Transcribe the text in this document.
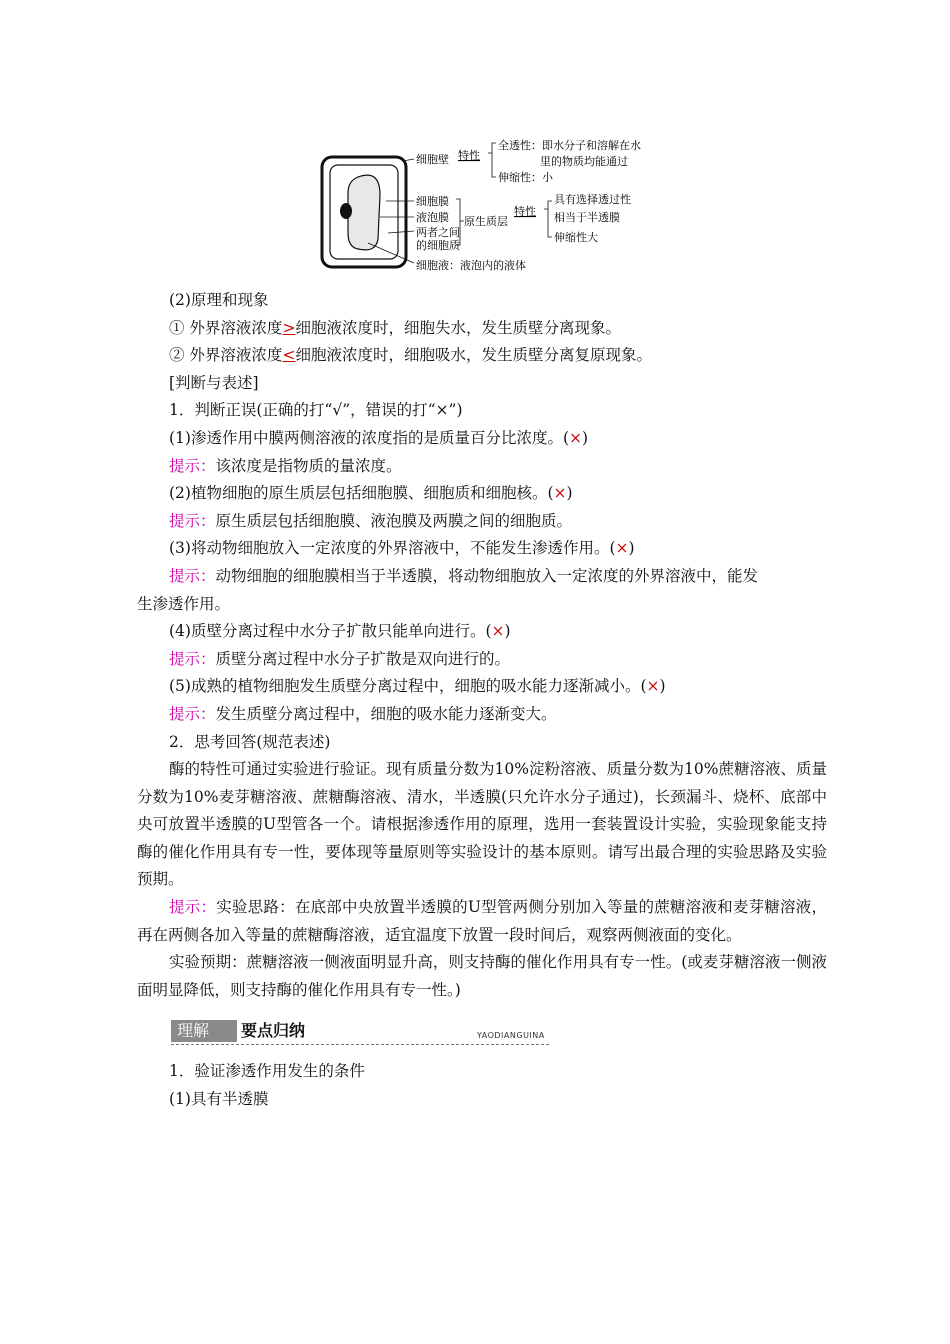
细胞壁 特性
全透性：即水分子和溶解在水
里的物质均能通过
伸缩性：小
细胞膜
液泡膜
两者之间
的细胞质
原生质层
特性
具有选择透过性
相当于半透膜
伸缩性大
细胞液：液泡内的液体
(2)原理和现象
① 外界溶液浓度>细胞液浓度时，细胞失水，发生质壁分离现象。
② 外界溶液浓度<细胞液浓度时，细胞吸水，发生质壁分离复原现象。
[判断与表述]
1．判断正误(正确的打“√”，错误的打“×”)
(1)渗透作用中膜两侧溶液的浓度指的是质量百分比浓度。(×)
提示：该浓度是指物质的量浓度。
(2)植物细胞的原生质层包括细胞膜、细胞质和细胞核。(×)
提示：原生质层包括细胞膜、液泡膜及两膜之间的细胞质。
(3)将动物细胞放入一定浓度的外界溶液中，不能发生渗透作用。(×)
提示：动物细胞的细胞膜相当于半透膜，将动物细胞放入一定浓度的外界溶液中，能发
生渗透作用。
(4)质壁分离过程中水分子扩散只能单向进行。(×)
提示：质壁分离过程中水分子扩散是双向进行的。
(5)成熟的植物细胞发生质壁分离过程中，细胞的吸水能力逐渐减小。(×)
提示：发生质壁分离过程中，细胞的吸水能力逐渐变大。
2．思考回答(规范表述)
酶的特性可通过实验进行验证。现有质量分数为10%淀粉溶液、质量分数为10%蔗糖溶液、质量分数为10%麦芽糖溶液、蔗糖酶溶液、清水，半透膜(只允许水分子通过)，长颈漏斗、烧杯、底部中央可放置半透膜的U型管各一个。请根据渗透作用的原理，选用一套装置设计实验，实验现象能支持酶的催化作用具有专一性，要体现等量原则等实验设计的基本原则。请写出最合理的实验思路及实验预期。
提示：实验思路：在底部中央放置半透膜的U型管两侧分别加入等量的蔗糖溶液和麦芽糖溶液，再在两侧各加入等量的蔗糖酶溶液，适宜温度下放置一段时间后，观察两侧液面的变化。
实验预期：蔗糖溶液一侧液面明显升高，则支持酶的催化作用具有专一性。(或麦芽糖溶液一侧液面明显降低，则支持酶的催化作用具有专一性。)
理解	要点归纳	YAODIANGUINA
1．验证渗透作用发生的条件
(1)具有半透膜
